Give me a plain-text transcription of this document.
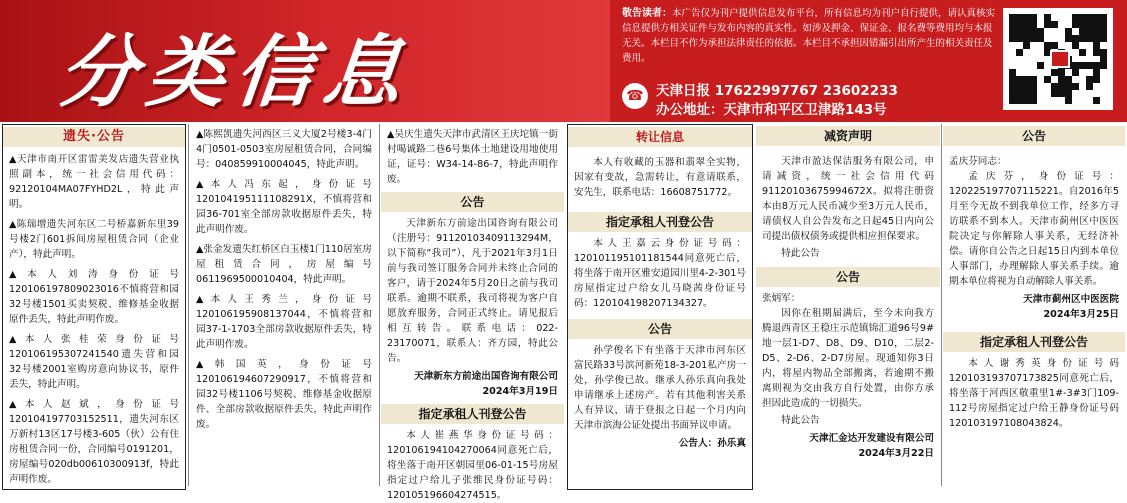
分类信息
敬告读者：本广告仅为刊户提供信息发布平台，所有信息均为刊户自行提供，请认真核实信息提供方相关证件与发布内容的真实性。如涉及押金、保证金、报名费等费用均与本报无关。本栏目不作为承担法律责任的依据。本栏目不承担因错漏引出所产生的相关责任及费用。
☎ 天津日报 17622997767 23602233
办公地址：天津市和平区卫津路143号
遗失·公告
▲天津市南开区雷雷美发店遗失营业执照副本，统一社会信用代码：92120104MA07FYHD2L，特此声明。
▲陈瑞增遗失河东区二号桥嘉新东里39号楼2门601拆间房屋租赁合同（企业产），特此声明。
▲本人刘涛身份证号120106197809023016不慎将营和园32号楼1501买卖契税、维修基金收据原件丢失，特此声明作废。
▲本人张桂荣身份证号120106195307241540遗失营和园32号楼2001室购房意向协议书，原件丢失，特此声明。
▲本人赵斌，身份证号120104197703152511，遗失河东区万新村13区17号楼3-605（伙）公有住房租赁合同一份，合同编号0191201，房屋编号020db00610300913f，特此声明作废。
▲陈熙凯遗失河西区三义大厦2号楼3-4门4门0501-0503室房屋租赁合同，合同编号：040859910004045，特此声明。
▲本人冯东起，身份证号120104195111108291X，不慎将营和园36-701室全部房款收据原件丢失，特此声明作废。
▲张金发遗失红桥区白玉楼1门110居室房屋租赁合同，房屋编号0611969500010404，特此声明。
▲本人王秀兰，身份证号120106195908137044，不慎将营和园37-1-1703全部房款收据原件丢失，特此声明作废。
▲韩国英，身份证号120106194607290917，不慎将营和园32号楼1106号契税、维修基金收据原件、全部房款收据原件丢失，特此声明作废。
▲吴庆生遗失天津市武清区王庆坨镇一街村喝诚路二巷6号集体土地建设用地使用证，证号：W34-14-86-7，特此声明作废。
公告
天津新东方前途出国咨询有限公司（注册号：91120103409113294M，以下简称“我司”），凡于2021年3月1日前与我司签订服务合同并未终止合同的客户，请于2024年5月20日之前与我司联系。逾期不联系，我司将视为客户自愿放弃服务，合同正式终止。请见报后相互转告。联系电话：022-23170071，联系人：齐方园，特此公告。
天津新东方前途出国咨询有限公司
2024年3月19日
指定承租人刊登公告
本人崔燕华身份证号码：120106194104270064同意死亡后，将坐落于南开区朝园里06-01-15号房屋指定过户给儿子张维民身份证号码：120105196604274515。
转让信息
本人有收藏的玉器和翡翠全实物，因家有变故，急需转让，有意请联系，安先生，联系电话：16608751772。
指定承租人刊登公告
本人王嘉云身份证号码：120101195101181544同意死亡后，将坐落于南开区雅安道园川里4-2-301号房屋指定过户给女儿马晓茜身份证号码：120104198207134327。
公告
孙学俊名下有坐落于天津市河东区富民路33号滨河新苑18-3-201私产房一处，孙学俊已故。继承人孙乐真向我处申请继承上述房产。若有其他利害关系人有异议，请于登报之日起一个月内向天津市滨海公证处提出书面异议申请。
公告人：孙乐真
减资声明
天津市盈达保洁服务有限公司，申请减资，统一社会信用代码91120103675994672X。拟将注册资本由8万元人民币减少至3万元人民币，请债权人自公告发布之日起45日内向公司提出债权债务或提供相应担保要求。
特此公告
公告
张炳军：
因你在租期届满后，至今未向我方腾退西青区王稳庄示范镇锦汇道96号9#地一层1-D7、D8、D9、D10，二层2-D5、2-D6、2-D7房屋。现通知你3日内，将屋内物品全部搬离，若逾期不搬离则视为交由我方自行处置，由你方承担因此造成的一切损失。
特此公告
天津汇金达开发建设有限公司
2024年3月22日
公告
孟庆芬同志：
孟庆芬，身份证号：120225197707115221。自2016年5月至今无故不到我单位工作，经多方寻访联系不到本人。天津市蓟州区中医医院决定与你解除人事关系，无经济补偿。请你自公告之日起15日内到本单位人事部门，办理解除人事关系手续。逾期本单位将视为自动解除人事关系。
天津市蓟州区中医医院
2024年3月25日
指定承租人刊登公告
本人谢秀英身份证号码120103193707173825同意死亡后，将坐落于河西区敬重里1#-3#3门109-112号房屋指定过户给王静身份证号码120103197108043824。
